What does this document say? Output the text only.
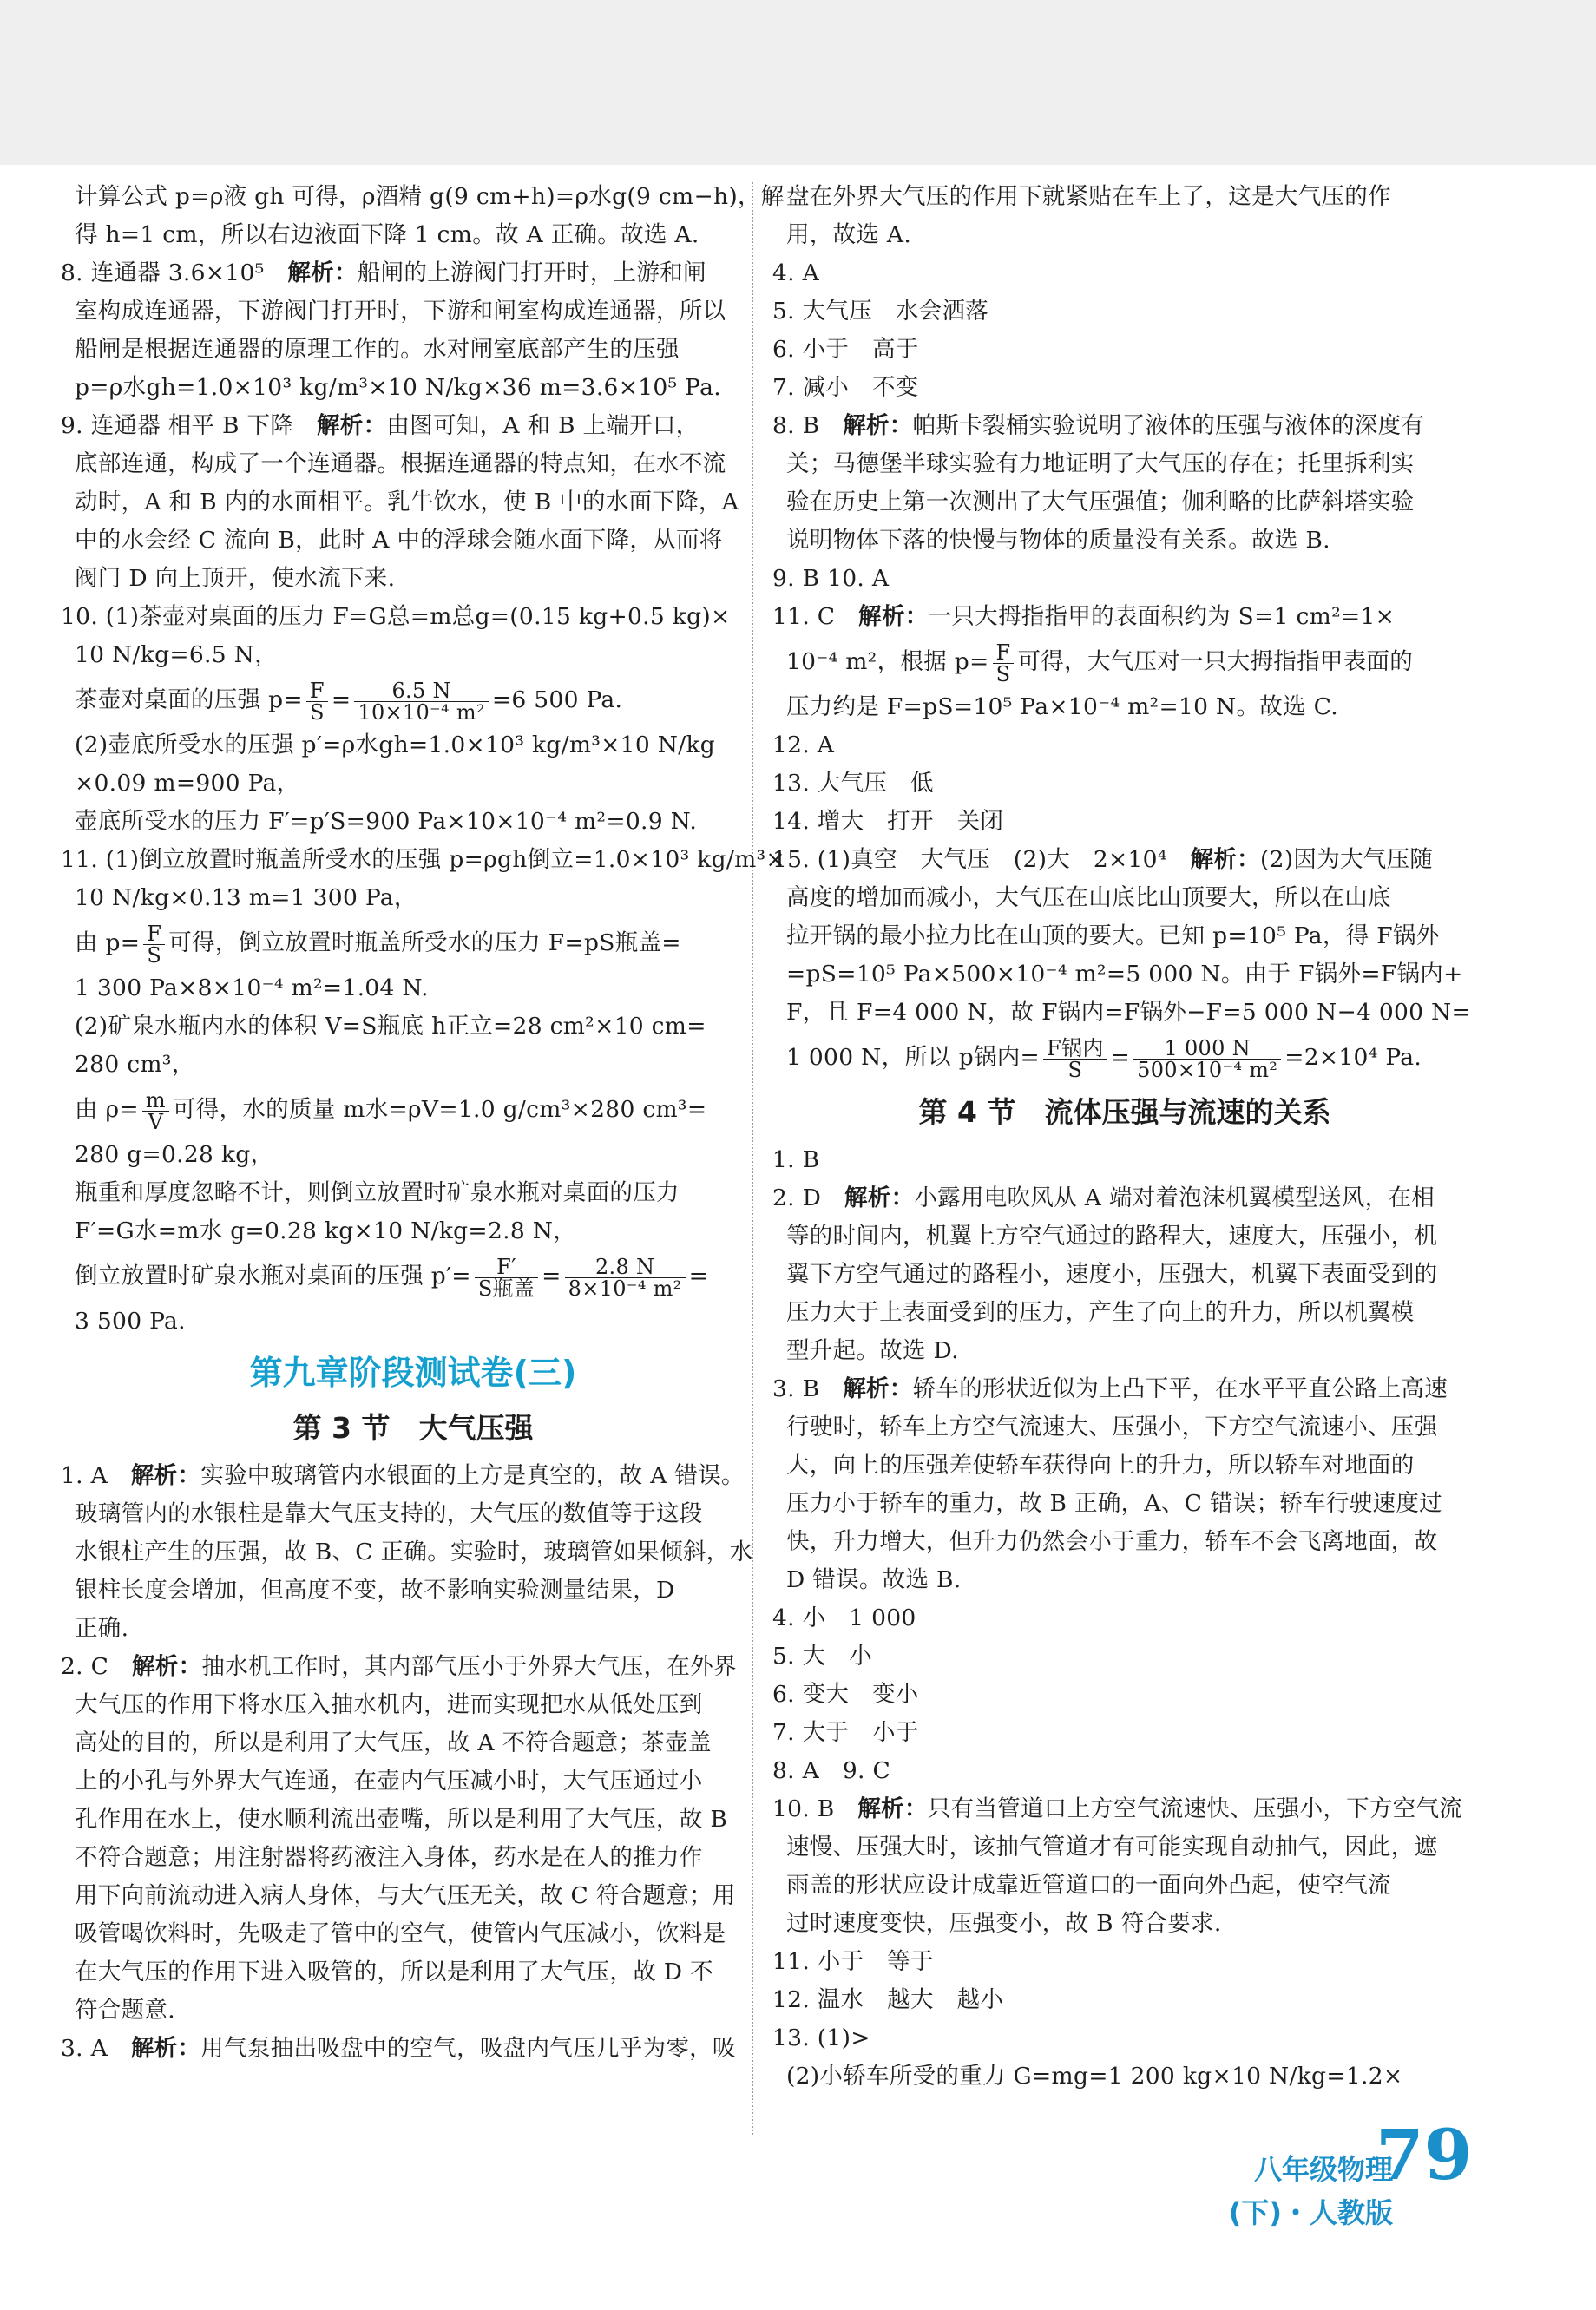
计算公式 p=ρ液 gh 可得，ρ酒精 g(9 cm+h)=ρ水g(9 cm−h)，解
得 h=1 cm，所以右边液面下降 1 cm。故 A 正确。故选 A.
8. 连通器 3.6×10⁵　 解析：船闸的上游阀门打开时，上游和闸
室构成连通器，下游阀门打开时，下游和闸室构成连通器，所以
船闸是根据连通器的原理工作的。水对闸室底部产生的压强
p=ρ水gh=1.0×10³ kg/m³×10 N/kg×36 m=3.6×10⁵ Pa.
9. 连通器 相平 B 下降　 解析：由图可知，A 和 B 上端开口，
底部连通，构成了一个连通器。根据连通器的特点知，在水不流
动时，A 和 B 内的水面相平。乳牛饮水，使 B 中的水面下降，A
中的水会经 C 流向 B，此时 A 中的浮球会随水面下降，从而将
阀门 D 向上顶开，使水流下来.
10. (1)茶壶对桌面的压力 F=G总=m总g=(0.15 kg+0.5 kg)×
10 N/kg=6.5 N，
茶壶对桌面的压强 $p= \frac{F}{S} = \frac{6.5 N}{\text{10×10⁻⁴ m²}} =6$ 500 Pa.
(2)壶底所受水的压强 p′=ρ水gh=1.0×10³ kg/m³×10 N/kg
×0.09 m=900 Pa，
壶底所受水的压力 F′=p′S=900 Pa×10×10⁻⁴ m²=0.9 N.
11. (1)倒立放置时瓶盖所受水的压强 p=ρgh倒立=1.0×10³ kg/m³×
10 N/kg×0.13 m=1 300 Pa，
由 $p= \frac{F}{S}$ 可得，倒立放置时瓶盖所受水的压力 F=pS瓶盖=
1 300 Pa×8×10⁻⁴ m²=1.04 N.
(2)矿泉水瓶内水的体积 V=S瓶底 h正立=28 cm²×10 cm=
280 cm³，
由 $\rho= \frac{m}{V}$ 可得，水的质量 m水=ρV=1.0 g/cm³×280 cm³=
280 g=0.28 kg，
瓶重和厚度忽略不计，则倒立放置时矿泉水瓶对桌面的压力
F′=G水=m水 g=0.28 kg×10 N/kg=2.8 N，
倒立放置时矿泉水瓶对桌面的压强 $p'= \frac{F'}{\text{S瓶盖}} = \frac{2.8 N}{\text{8×10⁻⁴ m²}}$ =
3 500 Pa.
第九章阶段测试卷(三)
第 3 节　大气压强
1. A　 解析：实验中玻璃管内水银面的上方是真空的，故 A 错误。
玻璃管内的水银柱是靠大气压支持的，大气压的数值等于这段
水银柱产生的压强，故 B、C 正确。实验时，玻璃管如果倾斜，水
银柱长度会增加，但高度不变，故不影响实验测量结果，D
正确.
2. C　 解析：抽水机工作时，其内部气压小于外界大气压，在外界
大气压的作用下将水压入抽水机内，进而实现把水从低处压到
高处的目的，所以是利用了大气压，故 A 不符合题意；茶壶盖
上的小孔与外界大气连通，在壶内气压减小时，大气压通过小
孔作用在水上，使水顺利流出壶嘴，所以是利用了大气压，故 B
不符合题意；用注射器将药液注入身体，药水是在人的推力作
用下向前流动进入病人身体，与大气压无关，故 C 符合题意；用
吸管喝饮料时，先吸走了管中的空气，使管内气压减小，饮料是
在大气压的作用下进入吸管的，所以是利用了大气压，故 D 不
符合题意.
3. A　 解析：用气泵抽出吸盘中的空气，吸盘内气压几乎为零，吸
盘在外界大气压的作用下就紧贴在车上了，这是大气压的作
用，故选 A.
4. A
5. 大气压　水会洒落
6. 小于　高于
7. 减小　不变
8. B　 解析：帕斯卡裂桶实验说明了液体的压强与液体的深度有
关；马德堡半球实验有力地证明了大气压的存在；托里拆利实
验在历史上第一次测出了大气压强值；伽利略的比萨斜塔实验
说明物体下落的快慢与物体的质量没有关系。故选 B.
9. B 10. A
11. C　 解析：一只大拇指指甲的表面积约为 S=1 cm²=1×
10⁻⁴ m²，根据 $p= \frac{F}{S}$ 可得，大气压对一只大拇指指甲表面的
压力约是 F=pS=10⁵ Pa×10⁻⁴ m²=10 N。故选 C.
12. A
13. 大气压　低
14. 增大　打开　关闭
15. (1)真空　大气压　(2)大　2×10⁴　 解析：(2)因为大气压随
高度的增加而减小，大气压在山底比山顶要大，所以在山底
拉开锅的最小拉力比在山顶的要大。已知 p=10⁵ Pa，得 F锅外
=pS=10⁵ Pa×500×10⁻⁴ m²=5 000 N。由于 F锅外=F锅内+
F，且 F=4 000 N，故 F锅内=F锅外−F=5 000 N−4 000 N=
1 000 N，所以 p锅内= $\frac{\text{F锅内}}{S} = \frac{1 000 N}{\text{500×10⁻⁴ m²}} =2\times 10^4$ Pa.
第 4 节　流体压强与流速的关系
1. B
2. D　 解析：小露用电吹风从 A 端对着泡沫机翼模型送风，在相
等的时间内，机翼上方空气通过的路程大，速度大，压强小，机
翼下方空气通过的路程小，速度小，压强大，机翼下表面受到的
压力大于上表面受到的压力，产生了向上的升力，所以机翼模
型升起。故选 D.
3. B　 解析：轿车的形状近似为上凸下平，在水平平直公路上高速
行驶时，轿车上方空气流速大、压强小，下方空气流速小、压强
大，向上的压强差使轿车获得向上的升力，所以轿车对地面的
压力小于轿车的重力，故 B 正确，A、C 错误；轿车行驶速度过
快，升力增大，但升力仍然会小于重力，轿车不会飞离地面，故
D 错误。故选 B.
4. 小　1 000
5. 大　小
6. 变大　变小
7. 大于　小于
8. A　9. C
10. B　 解析：只有当管道口上方空气流速快、压强小，下方空气流
速慢、压强大时，该抽气管道才有可能实现自动抽气，因此，遮
雨盖的形状应设计成靠近管道口的一面向外凸起，使空气流
过时速度变快，压强变小，故 B 符合要求.
11. 小于　等于
12. 温水　越大　越小
13. (1)>
(2)小轿车所受的重力 G=mg=1 200 kg×10 N/kg=1.2×
八年级物理(下)・人教版
79
